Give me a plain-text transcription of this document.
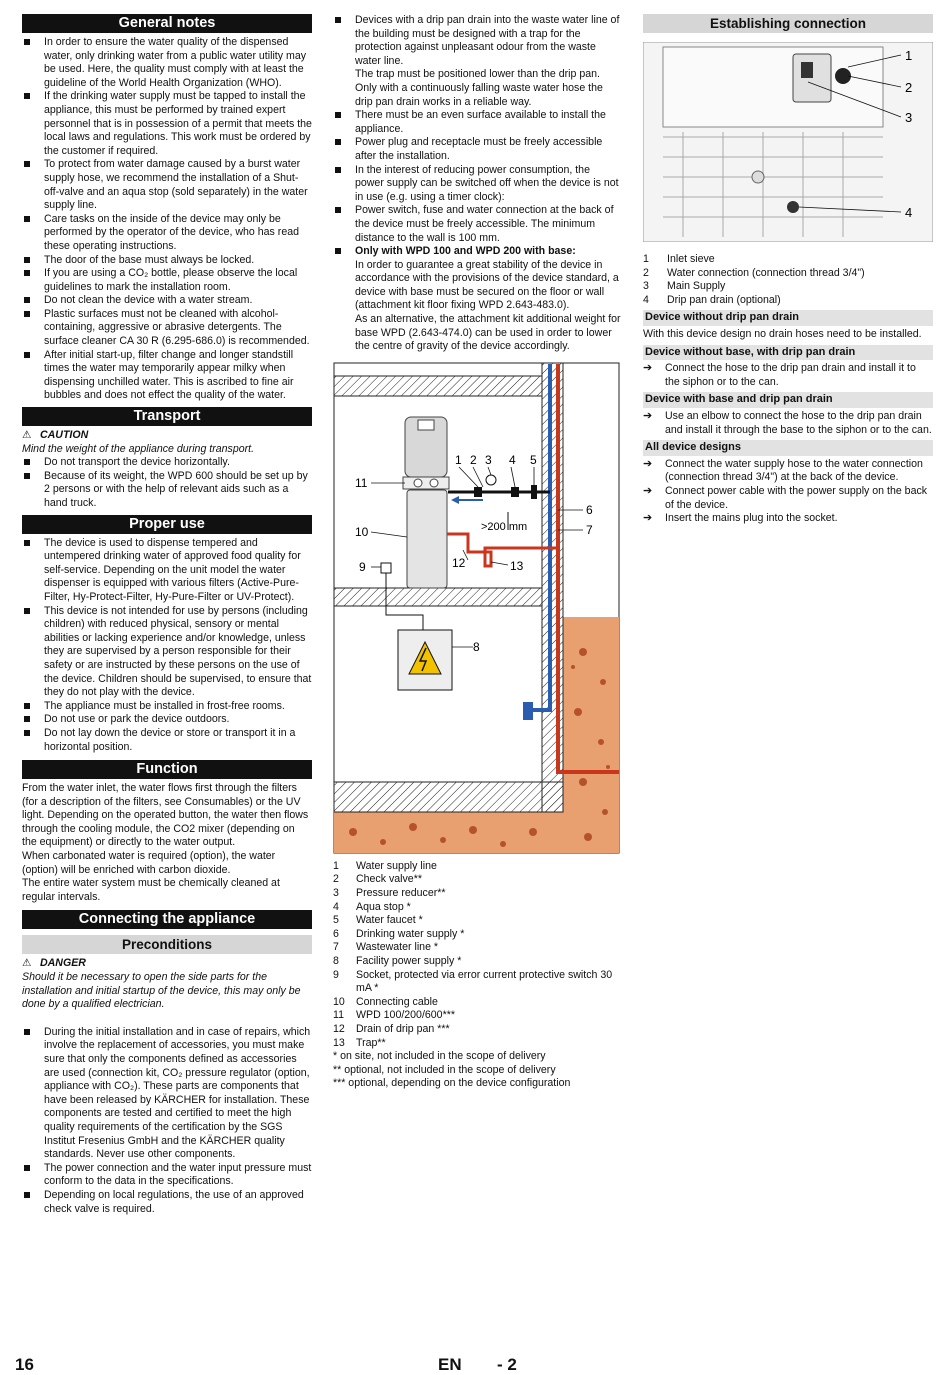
General notes
In order to ensure the water quality of the dispensed water, only drinking water from a public water utility may be used. Here, the quality must comply with at least the guideline of the World Health Organization (WHO).
If the drinking water supply must be tapped to install the appliance, this must be performed by trained expert personnel that is in possession of a permit that meets the local laws and regulations. This work must be ordered by the customer if required.
To protect from water damage caused by a burst water supply hose, we recommend the installation of a Shut-off-valve and an aqua stop (sold separately) in the water supply line.
Care tasks on the inside of the device may only be performed by the operator of the device, who has read these operating instructions.
The door of the base must always be locked.
If you are using a CO₂ bottle, please observe the local guidelines to mark the installation room.
Do not clean the device with a water stream.
Plastic surfaces must not be cleaned with alcohol-containing, aggressive or abrasive detergents. The surface cleaner CA 30 R (6.295-686.0) is recommended.
After initial start-up, filter change and longer standstill times the water may temporarily appear milky when dispensing unchilled water. This is ascribed to fine air bubbles and does not effect the quality of the water.
Transport

⚠ CAUTION

Mind the weight of the appliance during transport.

Do not transport the device horizontally.
Because of its weight, the WPD 600 should be set up by 2 persons or with the help of relevant aids such as a hand truck.
Proper use
The device is used to dispense tempered and untempered drinking water of approved food quality for self-service. Depending on the unit model the water dispenser is equipped with various filters (Active-Pure-Filter, Hy-Protect-Filter, Hy-Pure-Filter or UV-Protect).
This device is not intended for use by persons (including children) with reduced physical, sensory or mental abilities or lacking experience and/or knowledge, unless they are supervised by a person responsible for their safety or are instructed by these persons on the use of the device. Children should be supervised, to ensure that they do not play with the device.
The appliance must be installed in frost-free rooms.
Do not use or park the device outdoors.
Do not lay down the device or store or transport it in a horizontal position.
Function

From the water inlet, the water flows first through the filters (for a description of the filters, see Consumables) or the UV light. Depending on the operated button, the water then flows through the cooling module, the CO2 mixer (depending on the equipment) or directly to the water output.

When carbonated water is required (option), the water (option) will be enriched with carbon dioxide.

The entire water system must be chemically cleaned at regular intervals.

Connecting the appliance
Preconditions

⚠ DANGER

Should it be necessary to open the side parts for the installation and initial startup of the device, this may only be done by a qualified electrician.

During the initial installation and in case of repairs, which involve the replacement of accessories, you must make sure that only the components defined as accessories are used (connection kit, CO₂ pressure regulator (option, appliance with CO₂). These parts are components that have been released by KÄRCHER for installation. These components are tested and certified to meet the high quality requirements of the certification by the SGS Institut Fresenius GmbH and the KÄRCHER quality standards. Never use other components.
The power connection and the water input pressure must conform to the data in the specifications.
Depending on local regulations, the use of an approved check valve is required.
Devices with a drip pan drain into the waste water line of the building must be designed with a trap for the protection against unpleasant odour from the waste water line.
The trap must be positioned lower than the drip pan.
Only with a continuously falling waste water hose the drip pan drain works in a reliable way.
There must be an even surface available to install the appliance.
Power plug and receptacle must be freely accessible after the installation.
In the interest of reducing power consumption, the power supply can be switched off when the device is not in use (e.g. using a timer clock):
Power switch, fuse and water connection at the back of the device must be freely accessible. The minimum distance to the wall is 100 mm.
Only with WPD 100 and WPD 200 with base:
In order to guarantee a great stability of the device in accordance with the provisions of the device standard, a device with base must be secured on the floor or wall (attachment kit floor fixing WPD 2.643-483.0).
As an alternative, the attachment kit additional weight for base WPD (2.643-474.0) can be used in order to lower the centre of gravity of the device accordingly.
>200 mm
1 2 3 4 5
6
7
8
9
10
11
12	13
1 Water supply line
2 Check valve**
3 Pressure reducer**
4 Aqua stop *
5 Water faucet *
6 Drinking water supply *
7 Wastewater line *
8 Facility power supply *
9 Socket, protected via error current protective switch 30 mA *
10 Connecting cable
11 WPD 100/200/600***
12 Drain of drip pan ***
13 Trap**

* on site, not included in the scope of delivery

** optional, not included in the scope of delivery

*** optional, depending on the device configuration

Establishing connection
1
2
3
4
1 Inlet sieve
2 Water connection (connection thread 3/4")
3 Main Supply
4 Drip pan drain (optional)
Device without drip pan drain

With this device design no drain hoses need to be installed.

Device without base, with drip pan drain
➔ Connect the hose to the drip pan drain and install it to the siphon or to the can.
Device with base and drip pan drain
➔ Use an elbow to connect the hose to the drip pan drain and install it through the base to the siphon or to the can.
All device designs
➔ Connect the water supply hose to the water connection (connection thread 3/4") at the back of the device.
➔ Connect power cable with the power supply on the back of the device.
➔ Insert the mains plug into the socket.
16	EN - 2
